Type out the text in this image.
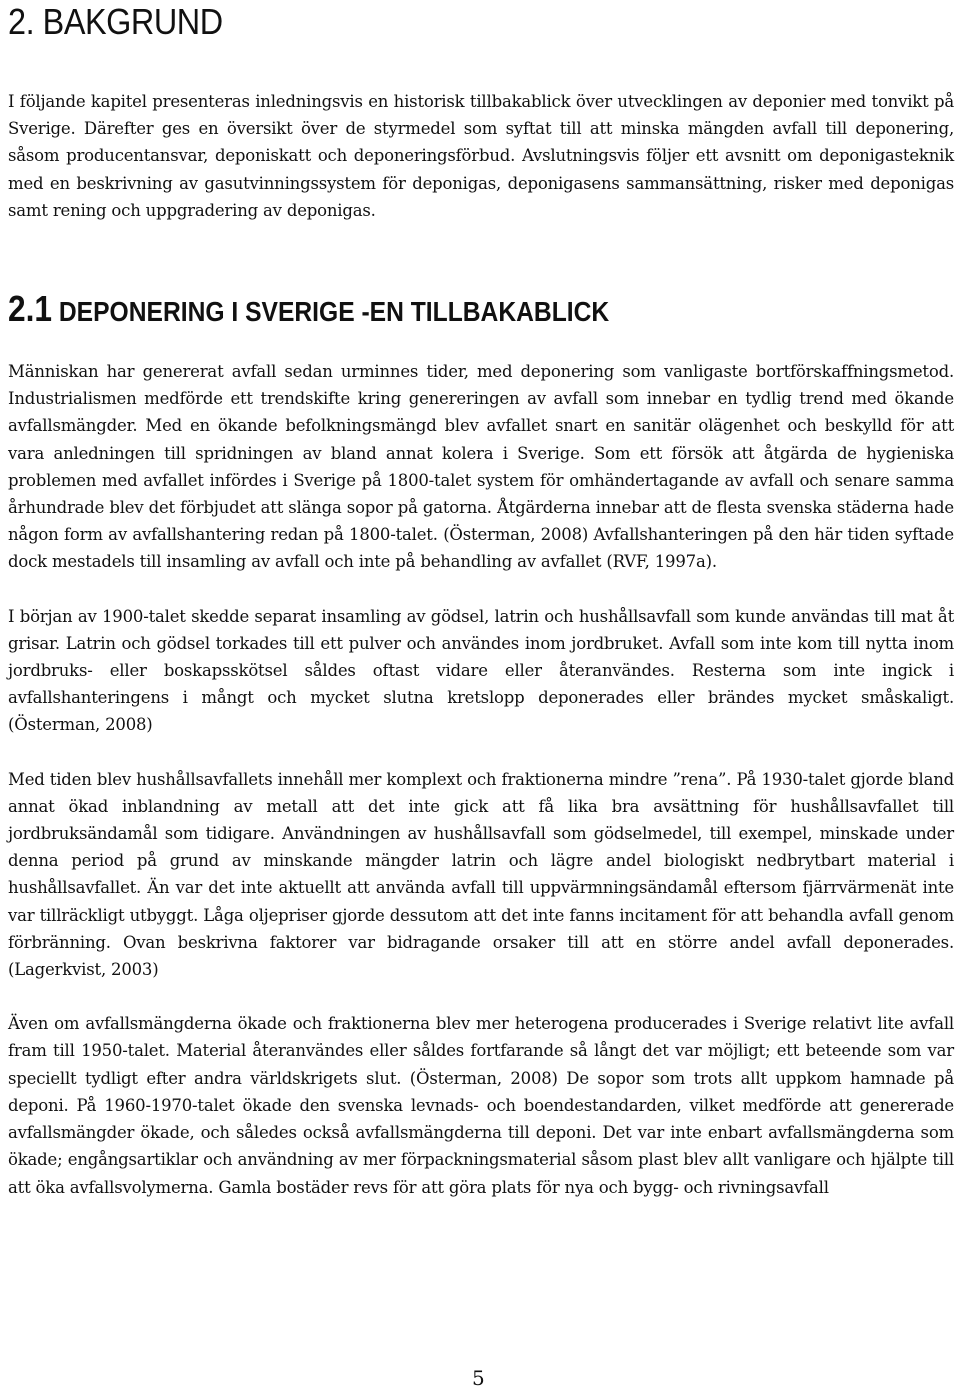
2. BAKGRUND

I följande kapitel presenteras inledningsvis en historisk tillbakablick över utvecklingen av deponier med tonvikt på Sverige. Därefter ges en översikt över de styrmedel som syftat till att minska mängden avfall till deponering, såsom producentansvar, deponiskatt och deponeringsförbud. Avslutningsvis följer ett avsnitt om deponigasteknik med en beskrivning av gasutvinningssystem för deponigas, deponigasens sammansättning, risker med deponigas samt rening och uppgradering av deponigas.

2.1 DEPONERING I SVERIGE -EN TILLBAKABLICK

Människan har genererat avfall sedan urminnes tider, med deponering som vanligaste bortförskaffningsmetod. Industrialismen medförde ett trendskifte kring genereringen av avfall som innebar en tydlig trend med ökande avfallsmängder. Med en ökande befolkningsmängd blev avfallet snart en sanitär olägenhet och beskylld för att vara anledningen till spridningen av bland annat kolera i Sverige. Som ett försök att åtgärda de hygieniska problemen med avfallet infördes i Sverige på 1800-talet system för omhändertagande av avfall och senare samma århundrade blev det förbjudet att slänga sopor på gatorna. Åtgärderna innebar att de flesta svenska städerna hade någon form av avfallshantering redan på 1800-talet. (Österman, 2008) Avfallshanteringen på den här tiden syftade dock mestadels till insamling av avfall och inte på behandling av avfallet (RVF, 1997a).

I början av 1900-talet skedde separat insamling av gödsel, latrin och hushållsavfall som kunde användas till mat åt grisar. Latrin och gödsel torkades till ett pulver och användes inom jordbruket. Avfall som inte kom till nytta inom jordbruks- eller boskapsskötsel såldes oftast vidare eller återanvändes. Resterna som inte ingick i avfallshanteringens i mångt och mycket slutna kretslopp deponerades eller brändes mycket småskaligt. (Österman, 2008)

Med tiden blev hushållsavfallets innehåll mer komplext och fraktionerna mindre ”rena”. På 1930-talet gjorde bland annat ökad inblandning av metall att det inte gick att få lika bra avsättning för hushållsavfallet till jordbruksändamål som tidigare. Användningen av hushållsavfall som gödselmedel, till exempel, minskade under denna period på grund av minskande mängder latrin och lägre andel biologiskt nedbrytbart material i hushållsavfallet. Än var det inte aktuellt att använda avfall till uppvärmningsändamål eftersom fjärrvärmenät inte var tillräckligt utbyggt. Låga oljepriser gjorde dessutom att det inte fanns incitament för att behandla avfall genom förbränning. Ovan beskrivna faktorer var bidragande orsaker till att en större andel avfall deponerades. (Lagerkvist, 2003)

Även om avfallsmängderna ökade och fraktionerna blev mer heterogena producerades i Sverige relativt lite avfall fram till 1950-talet. Material återanvändes eller såldes fortfarande så långt det var möjligt; ett beteende som var speciellt tydligt efter andra världskrigets slut. (Österman, 2008) De sopor som trots allt uppkom hamnade på deponi. På 1960-1970-talet ökade den svenska levnads- och boendestandarden, vilket medförde att genererade avfallsmängder ökade, och således också avfallsmängderna till deponi. Det var inte enbart avfallsmängderna som ökade; engångsartiklar och användning av mer förpackningsmaterial såsom plast blev allt vanligare och hjälpte till att öka avfallsvolymerna. Gamla bostäder revs för att göra plats för nya och bygg- och rivningsavfall

5
